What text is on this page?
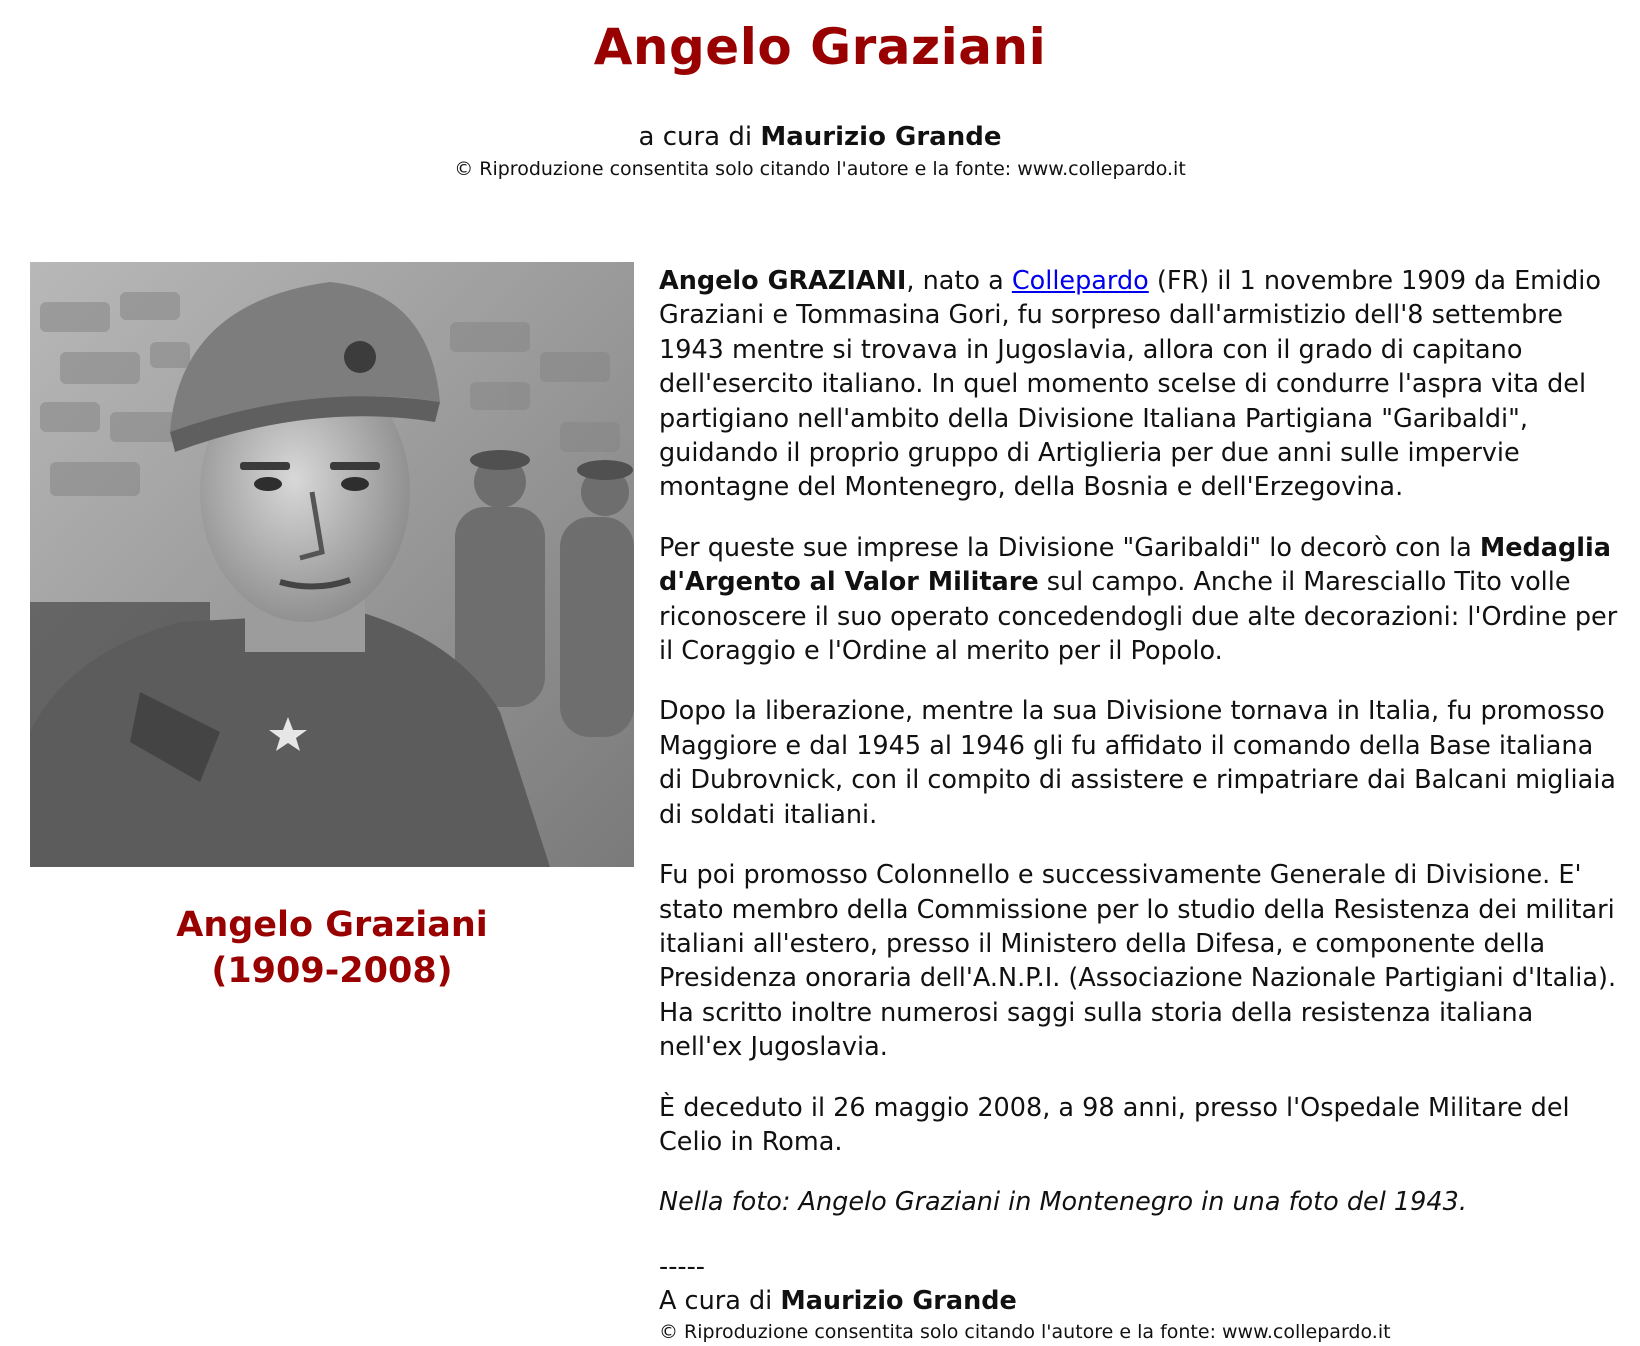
Angelo Graziani
a cura di Maurizio Grande
© Riproduzione consentita solo citando l'autore e la fonte: www.collepardo.it
Angelo Graziani
(1909-2008)

Angelo GRAZIANI, nato a Collepardo (FR) il 1 novembre 1909 da Emidio Graziani e Tommasina Gori, fu sorpreso dall'armistizio dell'8 settembre 1943 mentre si trovava in Jugoslavia, allora con il grado di capitano dell'esercito italiano. In quel momento scelse di condurre l'aspra vita del partigiano nell'ambito della Divisione Italiana Partigiana "Garibaldi", guidando il proprio gruppo di Artiglieria per due anni sulle impervie montagne del Montenegro, della Bosnia e dell'Erzegovina.

Per queste sue imprese la Divisione "Garibaldi" lo decorò con la Medaglia d'Argento al Valor Militare sul campo. Anche il Maresciallo Tito volle riconoscere il suo operato concedendogli due alte decorazioni: l'Ordine per il Coraggio e l'Ordine al merito per il Popolo.

Dopo la liberazione, mentre la sua Divisione tornava in Italia, fu promosso Maggiore e dal 1945 al 1946 gli fu affidato il comando della Base italiana di Dubrovnick, con il compito di assistere e rimpatriare dai Balcani migliaia di soldati italiani.

Fu poi promosso Colonnello e successivamente Generale di Divisione. E' stato membro della Commissione per lo studio della Resistenza dei militari italiani all'estero, presso il Ministero della Difesa, e componente della Presidenza onoraria dell'A.N.P.I. (Associazione Nazionale Partigiani d'Italia). Ha scritto inoltre numerosi saggi sulla storia della resistenza italiana nell'ex Jugoslavia.

È deceduto il 26 maggio 2008, a 98 anni, presso l'Ospedale Militare del Celio in Roma.

Nella foto: Angelo Graziani in Montenegro in una foto del 1943.

-----
A cura di Maurizio Grande
© Riproduzione consentita solo citando l'autore e la fonte: www.collepardo.it
